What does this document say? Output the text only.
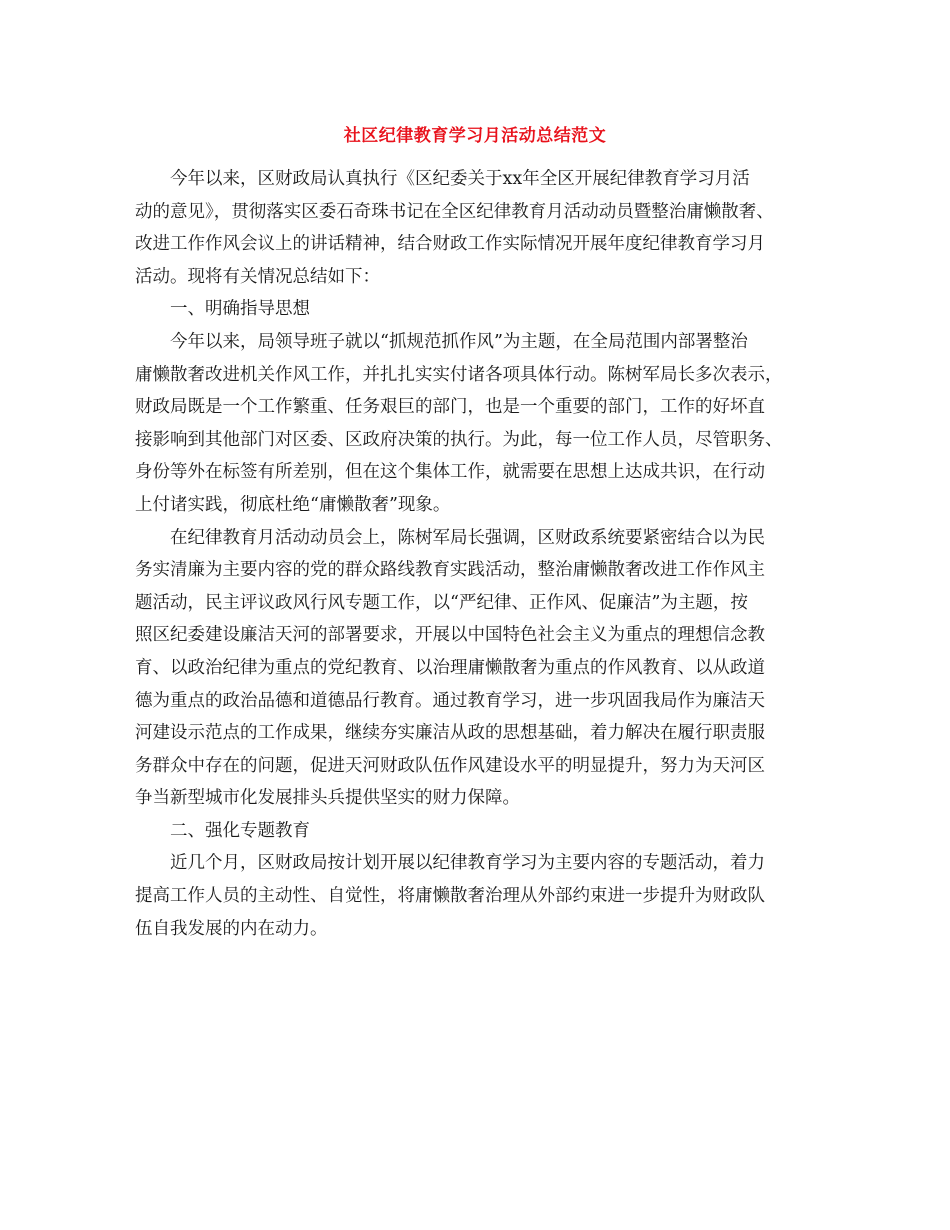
社区纪律教育学习月活动总结范文

今年以来，区财政局认真执行《区纪委关于xx年全区开展纪律教育学习月活
动的意见》，贯彻落实区委石奇珠书记在全区纪律教育月活动动员暨整治庸懒散奢、
改进工作作风会议上的讲话精神，结合财政工作实际情况开展年度纪律教育学习月
活动。现将有关情况总结如下：

一、明确指导思想

今年以来，局领导班子就以“抓规范抓作风”为主题，在全局范围内部署整治
庸懒散奢改进机关作风工作，并扎扎实实付诸各项具体行动。陈树军局长多次表示，
财政局既是一个工作繁重、任务艰巨的部门，也是一个重要的部门，工作的好坏直
接影响到其他部门对区委、区政府决策的执行。为此，每一位工作人员，尽管职务、
身份等外在标签有所差别，但在这个集体工作，就需要在思想上达成共识，在行动
上付诸实践，彻底杜绝“庸懒散奢”现象。

在纪律教育月活动动员会上，陈树军局长强调，区财政系统要紧密结合以为民
务实清廉为主要内容的党的群众路线教育实践活动，整治庸懒散奢改进工作作风主
题活动，民主评议政风行风专题工作，以“严纪律、正作风、促廉洁”为主题，按
照区纪委建设廉洁天河的部署要求，开展以中国特色社会主义为重点的理想信念教
育、以政治纪律为重点的党纪教育、以治理庸懒散奢为重点的作风教育、以从政道
德为重点的政治品德和道德品行教育。通过教育学习，进一步巩固我局作为廉洁天
河建设示范点的工作成果，继续夯实廉洁从政的思想基础，着力解决在履行职责服
务群众中存在的问题，促进天河财政队伍作风建设水平的明显提升，努力为天河区
争当新型城市化发展排头兵提供坚实的财力保障。

二、强化专题教育

近几个月，区财政局按计划开展以纪律教育学习为主要内容的专题活动，着力
提高工作人员的主动性、自觉性，将庸懒散奢治理从外部约束进一步提升为财政队
伍自我发展的内在动力。
